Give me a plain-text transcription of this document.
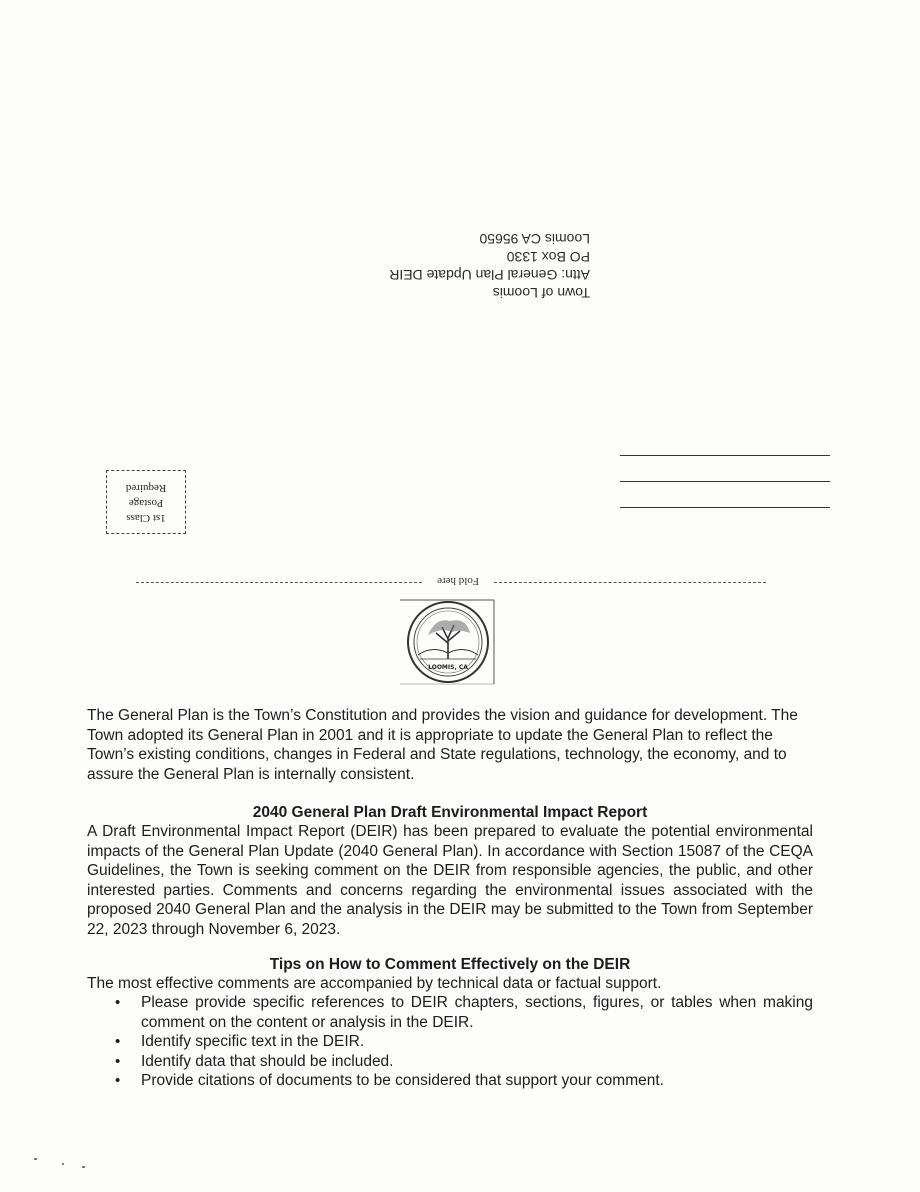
Town of Loomis
Attn: General Plan Update DEIR
PO Box 1330
Loomis CA 95650
1st Class
Postage
Required
Fold here
LOOMIS, CA
The General Plan is the Town’s Constitution and provides the vision and guidance for development. The Town adopted its General Plan in 2001 and it is appropriate to update the General Plan to reflect the Town’s existing conditions, changes in Federal and State regulations, technology, the economy, and to assure the General Plan is internally consistent.
2040 General Plan Draft Environmental Impact Report
A Draft Environmental Impact Report (DEIR) has been prepared to evaluate the potential environmental impacts of the General Plan Update (2040 General Plan). In accordance with Section 15087 of the CEQA Guidelines, the Town is seeking comment on the DEIR from responsible agencies, the public, and other interested parties. Comments and concerns regarding the environmental issues associated with the proposed 2040 General Plan and the analysis in the DEIR may be submitted to the Town from September 22, 2023 through November 6, 2023.
Tips on How to Comment Effectively on the DEIR
The most effective comments are accompanied by technical data or factual support.
• Please provide specific references to DEIR chapters, sections, figures, or tables when making comment on the content or analysis in the DEIR.
• Identify specific text in the DEIR.
• Identify data that should be included.
• Provide citations of documents to be considered that support your comment.
